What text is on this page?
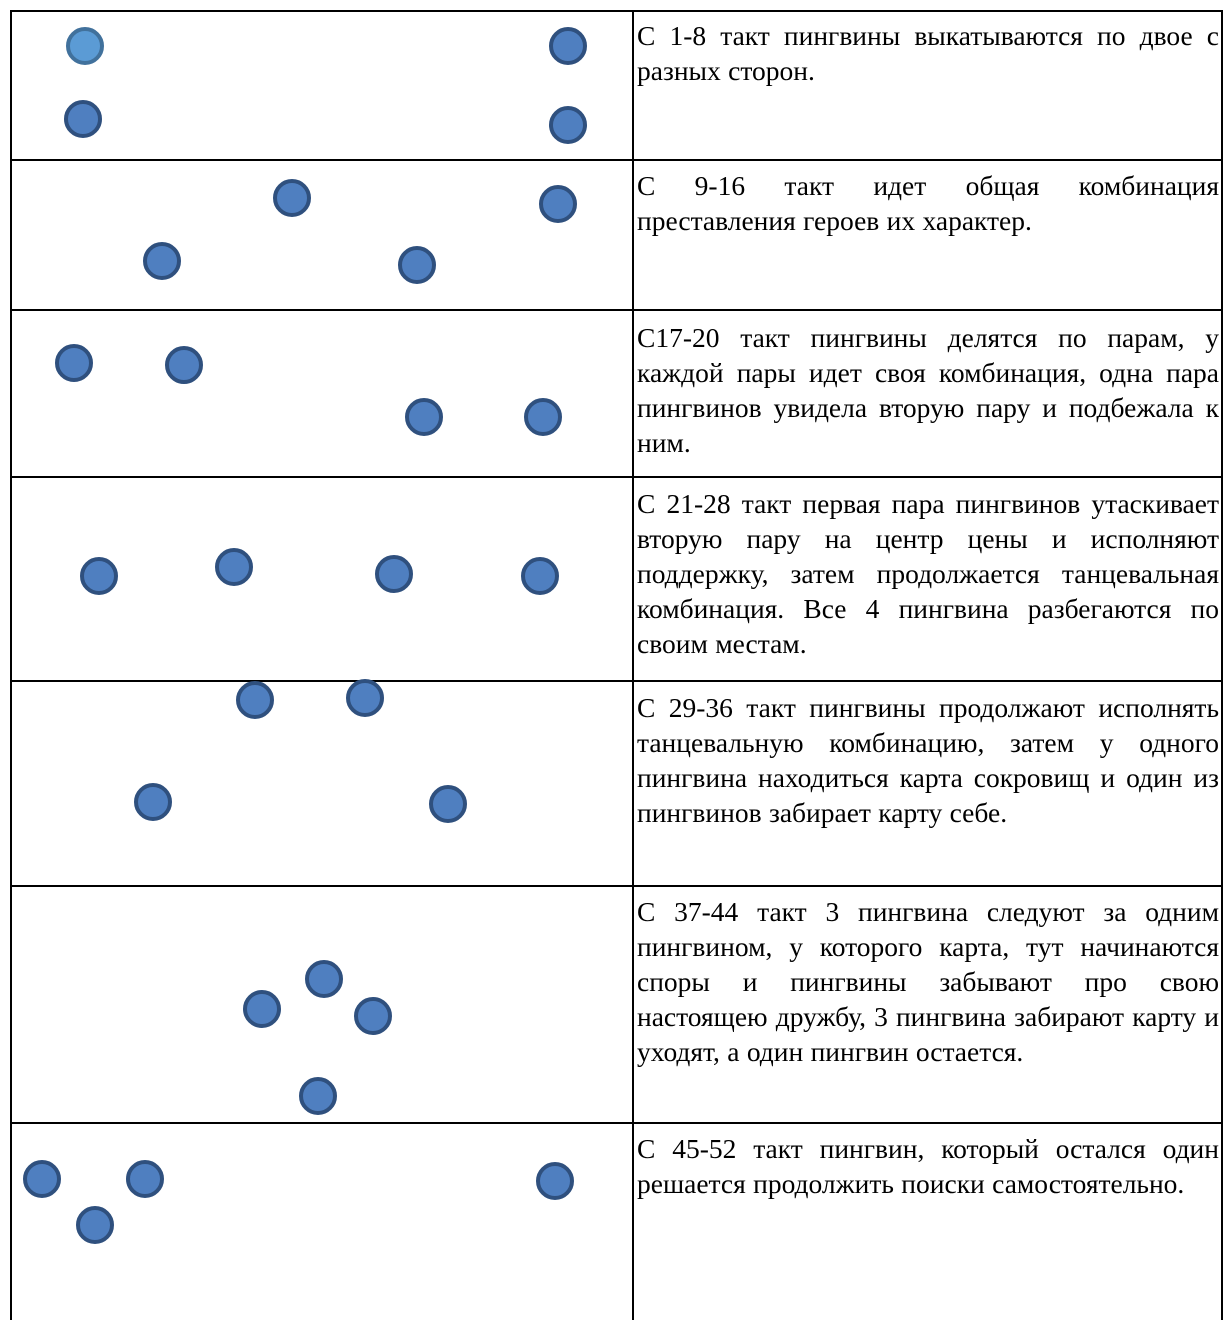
С 1-8 такт пингвины выкатываются по двое с разных сторон.
С 9-16 такт идет общая комбинация преставления героев их характер.
С17-20 такт пингвины делятся по парам, у каждой пары идет своя комбинация, одна пара пингвинов увидела вторую пару и подбежала к ним.
С 21-28 такт первая пара пингвинов утаскивает вторую пару на центр цены и исполняют поддержку, затем продолжается танцевальная комбинация. Все 4 пингвина разбегаются по своим местам.
С 29-36 такт пингвины продолжают исполнять танцевальную комбинацию, затем у одного пингвина находиться карта сокровищ и один из пингвинов забирает карту себе.
С 37-44 такт 3 пингвина следуют за одним пингвином, у которого карта, тут начинаются споры и пингвины забывают про свою настоящею дружбу, 3 пингвина забирают карту и уходят, а один пингвин остается.
С 45-52 такт пингвин, который остался один решается продолжить поиски самостоятельно.
